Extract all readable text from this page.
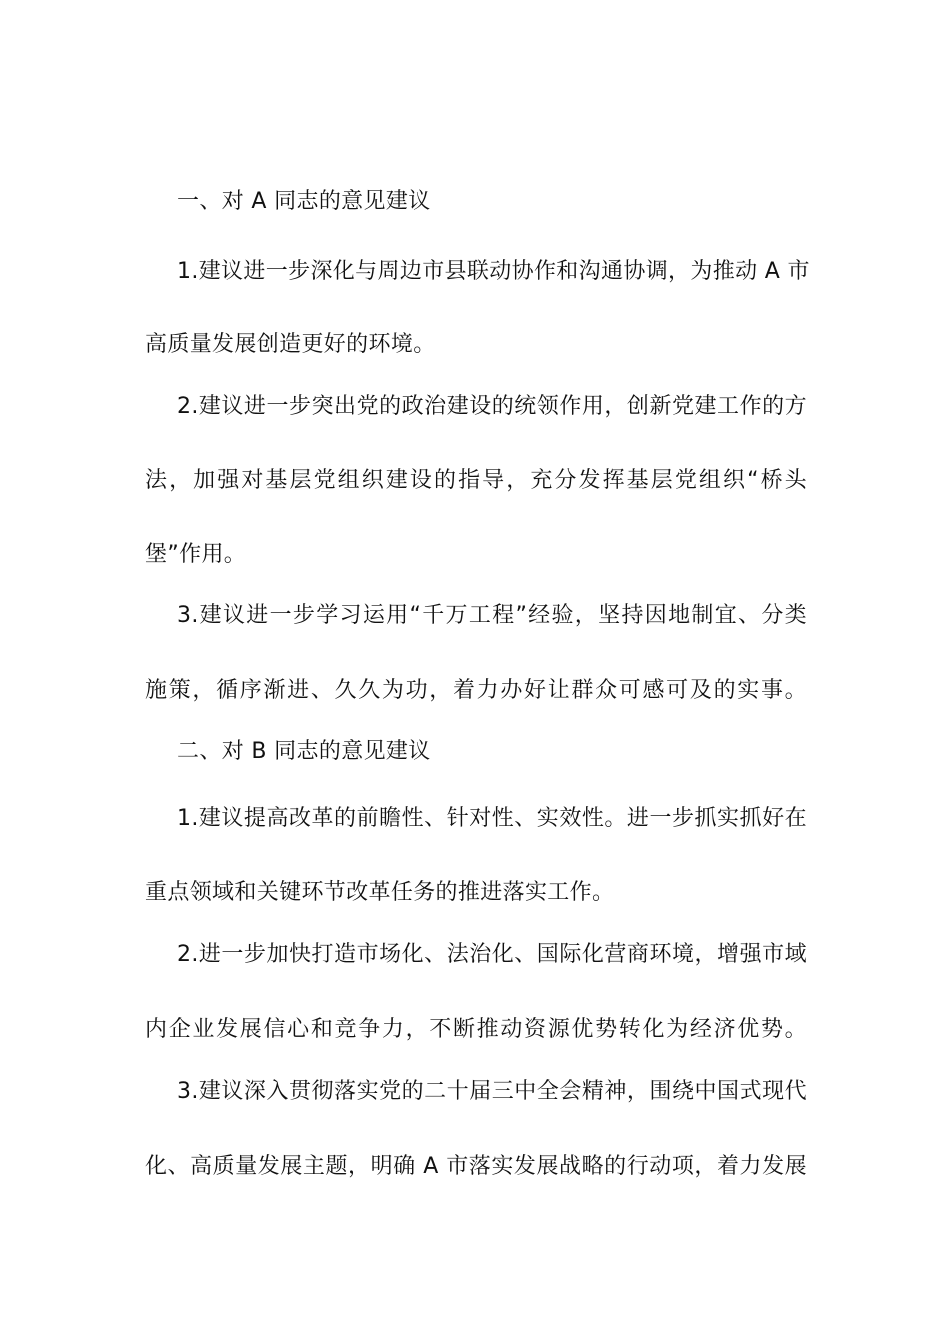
一、对 A 同志的意见建议
1.建议进一步深化与周边市县联动协作和沟通协调，为推动 A 市
高质量发展创造更好的环境。
2.建议进一步突出党的政治建设的统领作用，创新党建工作的方
法，加强对基层党组织建设的指导，充分发挥基层党组织“桥头
堡”作用。
3.建议进一步学习运用“千万工程”经验，坚持因地制宜、分类
施策，循序渐进、久久为功，着力办好让群众可感可及的实事。
二、对 B 同志的意见建议
1.建议提高改革的前瞻性、针对性、实效性。进一步抓实抓好在
重点领域和关键环节改革任务的推进落实工作。
2.进一步加快打造市场化、法治化、国际化营商环境，增强市域
内企业发展信心和竞争力，不断推动资源优势转化为经济优势。
3.建议深入贯彻落实党的二十届三中全会精神，围绕中国式现代
化、高质量发展主题，明确 A 市落实发展战略的行动项，着力发展
